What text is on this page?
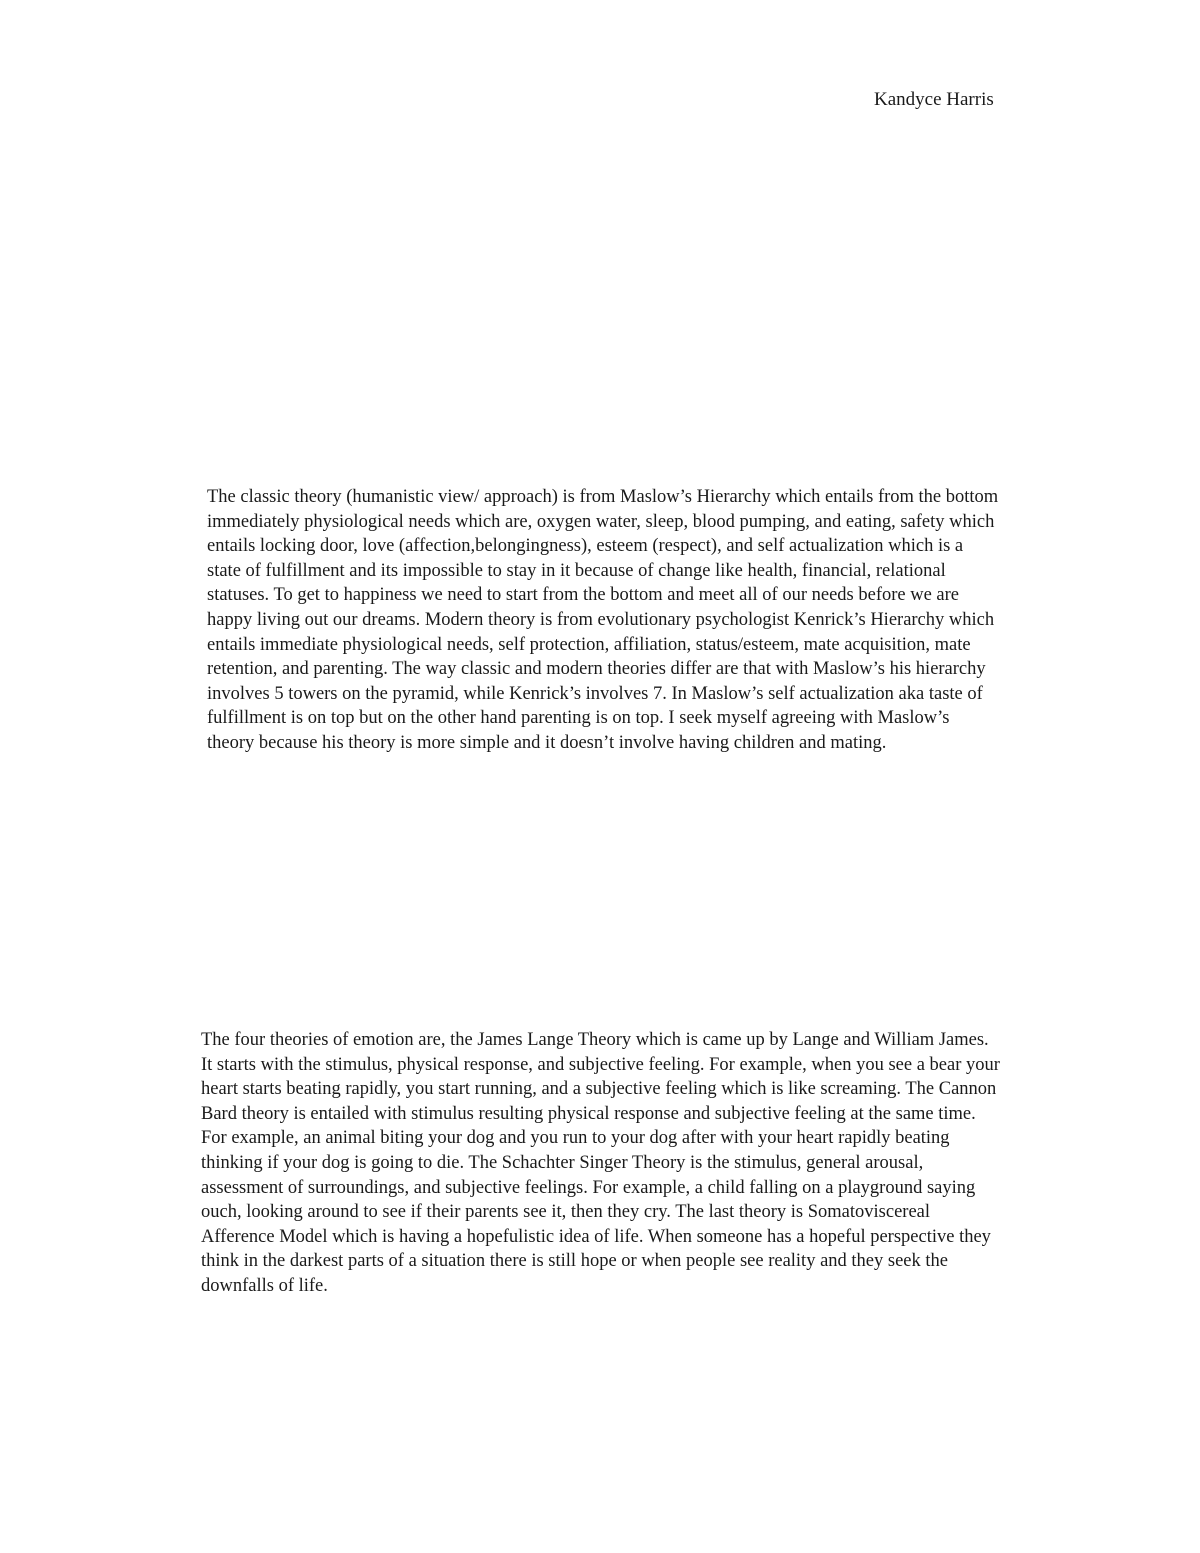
Kandyce Harris
The classic theory (humanistic view/ approach) is from Maslow’s Hierarchy which entails from the bottom
immediately physiological needs which are, oxygen water, sleep, blood pumping, and eating, safety which
entails locking door, love (affection,belongingness), esteem (respect), and self actualization which is a
state of fulfillment and its impossible to stay in it because of change like health, financial, relational
statuses. To get to happiness we need to start from the bottom and meet all of our needs before we are
happy living out our dreams. Modern theory is from evolutionary psychologist Kenrick’s Hierarchy which
entails immediate physiological needs, self protection, affiliation, status/esteem, mate acquisition, mate
retention, and parenting. The way classic and modern theories differ are that with Maslow’s his hierarchy
involves 5 towers on the pyramid, while Kenrick’s involves 7. In Maslow’s self actualization aka taste of
fulfillment is on top but on the other hand parenting is on top. I seek myself agreeing with Maslow’s
theory because his theory is more simple and it doesn’t involve having children and mating.
The four theories of emotion are, the James Lange Theory which is came up by Lange and William James.
It starts with the stimulus, physical response, and subjective feeling. For example, when you see a bear your
heart starts beating rapidly, you start running, and a subjective feeling which is like screaming. The Cannon
Bard theory is entailed with stimulus resulting physical response and subjective feeling at the same time.
For example, an animal biting your dog and you run to your dog after with your heart rapidly beating
thinking if your dog is going to die. The Schachter Singer Theory is the stimulus, general arousal,
assessment of surroundings, and subjective feelings. For example, a child falling on a playground saying
ouch, looking around to see if their parents see it, then they cry. The last theory is Somatoviscereal
Afference Model which is having a hopefulistic idea of life. When someone has a hopeful perspective they
think in the darkest parts of a situation there is still hope or when people see reality and they seek the
downfalls of life.
